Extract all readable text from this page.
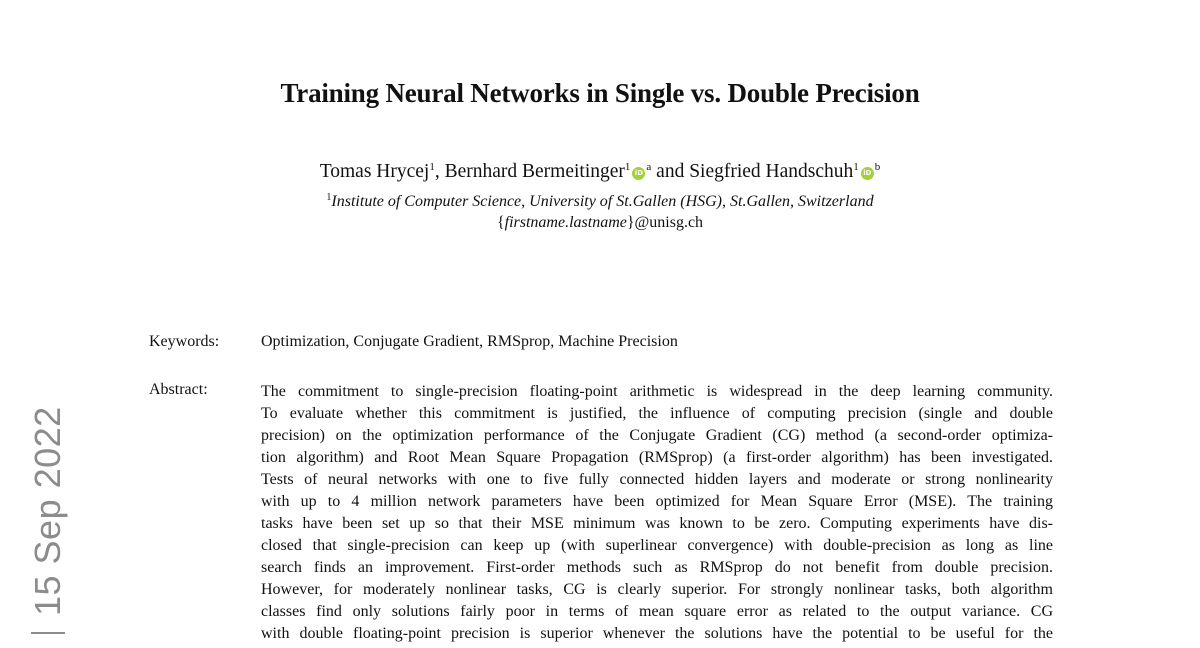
Training Neural Networks in Single vs. Double Precision
Tomas Hrycej$^1$, Bernhard Bermeitinger$^1$ iD $^a$ and Siegfried Handschuh$^1$ iD $^b$
$^1$Institute of Computer Science, University of St.Gallen (HSG), St.Gallen, Switzerland
{firstname.lastname}@unisg.ch
Keywords:	Optimization, Conjugate Gradient, RMSprop, Machine Precision
Abstract:	The commitment to single-precision floating-point arithmetic is widespread in the deep learning community.
To evaluate whether this commitment is justified, the influence of computing precision (single and double
precision) on the optimization performance of the Conjugate Gradient (CG) method (a second-order optimiza-
tion algorithm) and Root Mean Square Propagation (RMSprop) (a first-order algorithm) has been investigated.
Tests of neural networks with one to five fully connected hidden layers and moderate or strong nonlinearity
with up to 4 million network parameters have been optimized for Mean Square Error (MSE). The training
tasks have been set up so that their MSE minimum was known to be zero. Computing experiments have dis-
closed that single-precision can keep up (with superlinear convergence) with double-precision as long as line
search finds an improvement. First-order methods such as RMSprop do not benefit from double precision.
However, for moderately nonlinear tasks, CG is clearly superior. For strongly nonlinear tasks, both algorithm
classes find only solutions fairly poor in terms of mean square error as related to the output variance. CG
with double floating-point precision is superior whenever the solutions have the potential to be useful for the
15 Sep 2022
